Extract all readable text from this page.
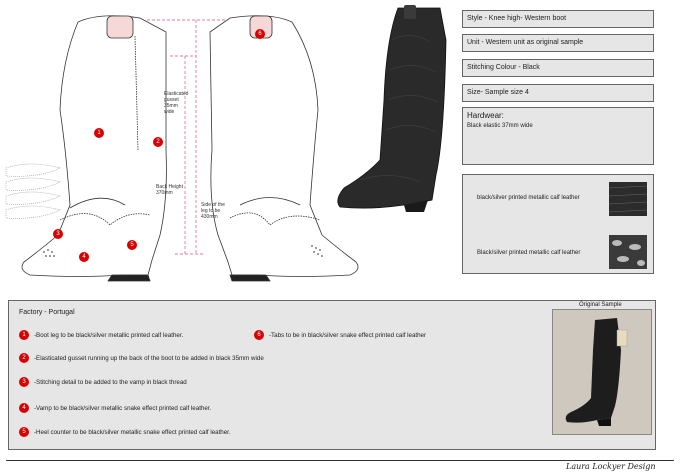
Elasticated gusset 35mm wide
Back Height 370mm
Side of the leg to be 430mm
1
2
3
4
5
6
Style - Knee high- Western boot
Unit - Western unit as original sample
Stitching Colour - Black
Size- Sample size 4
Hardwear:
Black elastic 37mm wide
black/silver printed metallic calf leather
Black/silver printed metallic calf leather
Factory - Portugal
1	-Boot leg to be black/silver metallic printed calf leather.
2	-Elasticated gusset running up the back of the boot to be added in black 35mm wide
3	-Stitching detail to be added to the vamp in black thread
4	-Vamp to be black/silver metallic snake effect printed calf leather.
5	-Heel counter to be black/silver metallic snake effect printed calf leather.
6	-Tabs to be in black/silver snake effect printed calf leather
Original Sample
Laura Lockyer Design
